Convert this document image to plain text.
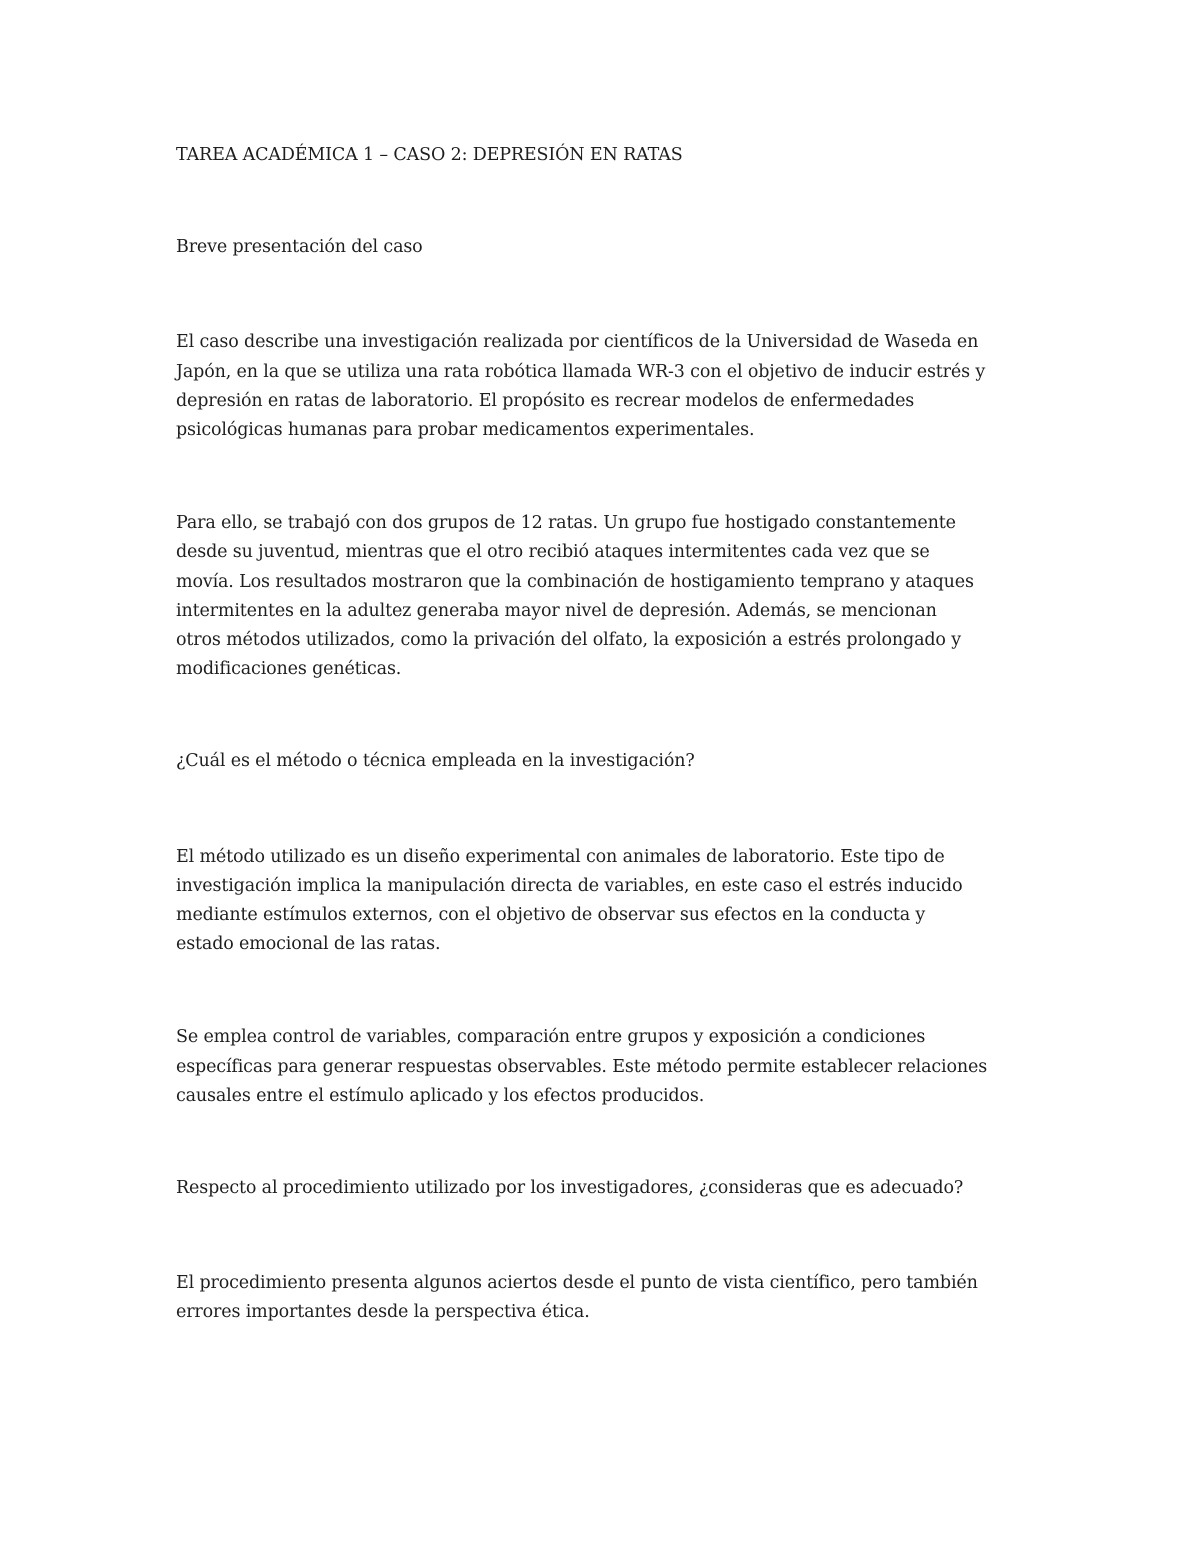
TAREA ACADÉMICA 1 – CASO 2: DEPRESIÓN EN RATAS

Breve presentación del caso

El caso describe una investigación realizada por científicos de la Universidad de Waseda en

Japón, en la que se utiliza una rata robótica llamada WR-3 con el objetivo de inducir estrés y

depresión en ratas de laboratorio. El propósito es recrear modelos de enfermedades

psicológicas humanas para probar medicamentos experimentales.

Para ello, se trabajó con dos grupos de 12 ratas. Un grupo fue hostigado constantemente

desde su juventud, mientras que el otro recibió ataques intermitentes cada vez que se

movía. Los resultados mostraron que la combinación de hostigamiento temprano y ataques

intermitentes en la adultez generaba mayor nivel de depresión. Además, se mencionan

otros métodos utilizados, como la privación del olfato, la exposición a estrés prolongado y

modificaciones genéticas.

¿Cuál es el método o técnica empleada en la investigación?

El método utilizado es un diseño experimental con animales de laboratorio. Este tipo de

investigación implica la manipulación directa de variables, en este caso el estrés inducido

mediante estímulos externos, con el objetivo de observar sus efectos en la conducta y

estado emocional de las ratas.

Se emplea control de variables, comparación entre grupos y exposición a condiciones

específicas para generar respuestas observables. Este método permite establecer relaciones

causales entre el estímulo aplicado y los efectos producidos.

Respecto al procedimiento utilizado por los investigadores, ¿consideras que es adecuado?

El procedimiento presenta algunos aciertos desde el punto de vista científico, pero también

errores importantes desde la perspectiva ética.
